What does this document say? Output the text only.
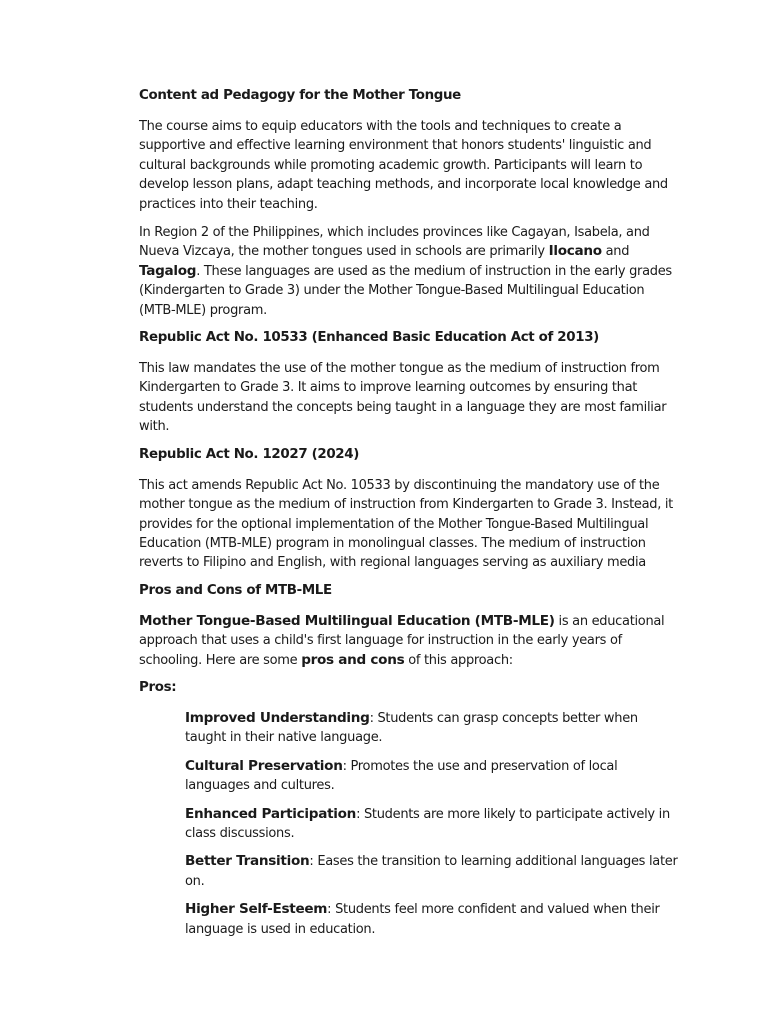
Content ad Pedagogy for the Mother Tongue
The course aims to equip educators with the tools and techniques to create a supportive and effective learning environment that honors students' linguistic and cultural backgrounds while promoting academic growth. Participants will learn to develop lesson plans, adapt teaching methods, and incorporate local knowledge and practices into their teaching.
In Region 2 of the Philippines, which includes provinces like Cagayan, Isabela, and Nueva Vizcaya, the mother tongues used in schools are primarily Ilocano and Tagalog. These languages are used as the medium of instruction in the early grades (Kindergarten to Grade 3) under the Mother Tongue-Based Multilingual Education (MTB-MLE) program.
Republic Act No. 10533 (Enhanced Basic Education Act of 2013)
This law mandates the use of the mother tongue as the medium of instruction from Kindergarten to Grade 3. It aims to improve learning outcomes by ensuring that students understand the concepts being taught in a language they are most familiar with.
Republic Act No. 12027 (2024)
This act amends Republic Act No. 10533 by discontinuing the mandatory use of the mother tongue as the medium of instruction from Kindergarten to Grade 3. Instead, it provides for the optional implementation of the Mother Tongue-Based Multilingual Education (MTB-MLE) program in monolingual classes. The medium of instruction reverts to Filipino and English, with regional languages serving as auxiliary media
Pros and Cons of MTB-MLE
Mother Tongue-Based Multilingual Education (MTB-MLE) is an educational approach that uses a child's first language for instruction in the early years of schooling. Here are some pros and cons of this approach:
Pros:
Improved Understanding: Students can grasp concepts better when taught in their native language.
Cultural Preservation: Promotes the use and preservation of local languages and cultures.
Enhanced Participation: Students are more likely to participate actively in class discussions.
Better Transition: Eases the transition to learning additional languages later on.
Higher Self-Esteem: Students feel more confident and valued when their language is used in education.
